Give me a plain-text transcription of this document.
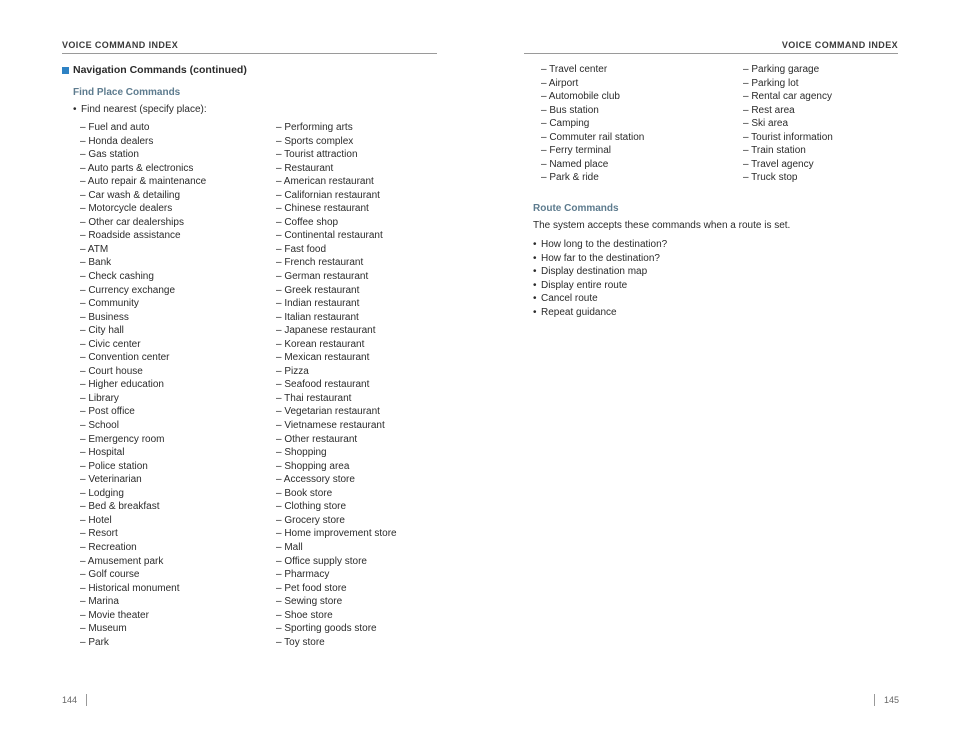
VOICE COMMAND INDEX
Navigation Commands (continued)
Find Place Commands
• Find nearest (specify place):
– Fuel and auto
– Honda dealers
– Gas station
– Auto parts & electronics
– Auto repair & maintenance
– Car wash & detailing
– Motorcycle dealers
– Other car dealerships
– Roadside assistance
– ATM
– Bank
– Check cashing
– Currency exchange
– Community
– Business
– City hall
– Civic center
– Convention center
– Court house
– Higher education
– Library
– Post office
– School
– Emergency room
– Hospital
– Police station
– Veterinarian
– Lodging
– Bed & breakfast
– Hotel
– Resort
– Recreation
– Amusement park
– Golf course
– Historical monument
– Marina
– Movie theater
– Museum
– Park
– Performing arts
– Sports complex
– Tourist attraction
– Restaurant
– American restaurant
– Californian restaurant
– Chinese restaurant
– Coffee shop
– Continental restaurant
– Fast food
– French restaurant
– German restaurant
– Greek restaurant
– Indian restaurant
– Italian restaurant
– Japanese restaurant
– Korean restaurant
– Mexican restaurant
– Pizza
– Seafood restaurant
– Thai restaurant
– Vegetarian restaurant
– Vietnamese restaurant
– Other restaurant
– Shopping
– Shopping area
– Accessory store
– Book store
– Clothing store
– Grocery store
– Home improvement store
– Mall
– Office supply store
– Pharmacy
– Pet food store
– Sewing store
– Shoe store
– Sporting goods store
– Toy store
144
VOICE COMMAND INDEX
– Travel center
– Airport
– Automobile club
– Bus station
– Camping
– Commuter rail station
– Ferry terminal
– Named place
– Park & ride
– Parking garage
– Parking lot
– Rental car agency
– Rest area
– Ski area
– Tourist information
– Train station
– Travel agency
– Truck stop
Route Commands
The system accepts these commands when a route is set.
• How long to the destination?
• How far to the destination?
• Display destination map
• Display entire route
• Cancel route
• Repeat guidance
145
